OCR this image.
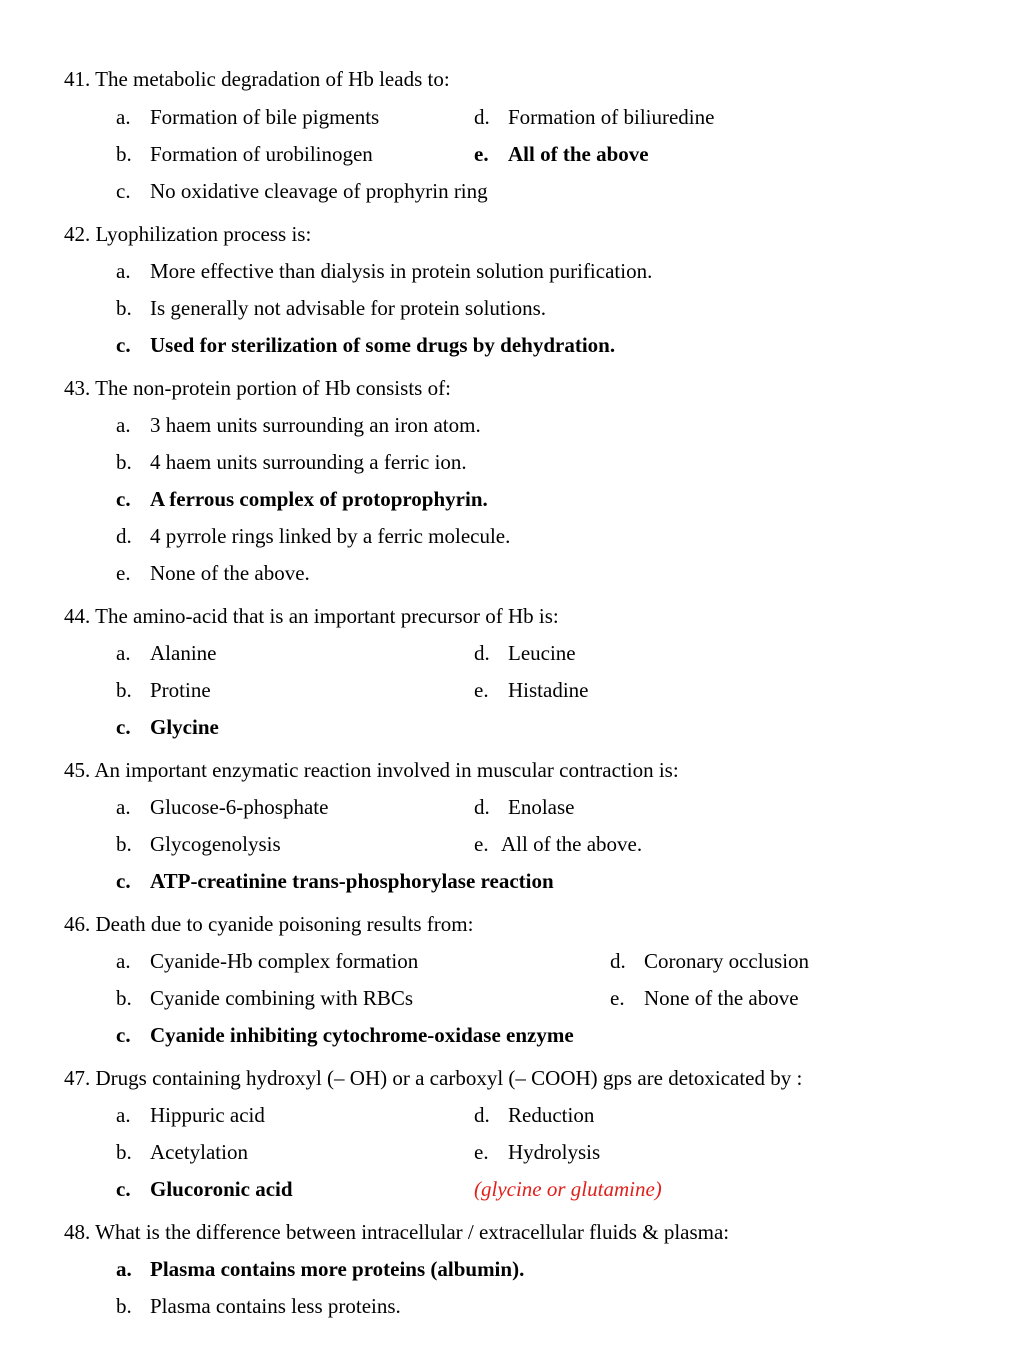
41. The metabolic degradation of Hb leads to:
a. Formation of bile pigments	d. Formation of biliuredine
b. Formation of urobilinogen	e. All of the above
c. No oxidative cleavage of prophyrin ring
42. Lyophilization process is:
a. More effective than dialysis in protein solution purification.
b. Is generally not advisable for protein solutions.
c. Used for sterilization of some drugs by dehydration.
43. The non-protein portion of Hb consists of:
a. 3 haem units surrounding an iron atom.
b. 4 haem units surrounding a ferric ion.
c. A ferrous complex of protoprophyrin.
d. 4 pyrrole rings linked by a ferric molecule.
e. None of the above.
44. The amino-acid that is an important precursor of Hb is:
a. Alanine	d. Leucine
b. Protine	e. Histadine
c. Glycine
45. An important enzymatic reaction involved in muscular contraction is:
a. Glucose-6-phosphate	d. Enolase
b. Glycogenolysis	e. All of the above.
c. ATP-creatinine trans-phosphorylase reaction
46. Death due to cyanide poisoning results from:
a. Cyanide-Hb complex formation	d. Coronary occlusion
b. Cyanide combining with RBCs	e. None of the above
c. Cyanide inhibiting cytochrome-oxidase enzyme
47. Drugs containing hydroxyl (– OH) or a carboxyl (– COOH) gps are detoxicated by :
a. Hippuric acid	d. Reduction
b. Acetylation	e. Hydrolysis
c. Glucoronic acid	(glycine or glutamine)
48. What is the difference between intracellular / extracellular fluids & plasma:
a. Plasma contains more proteins (albumin).
b. Plasma contains less proteins.
